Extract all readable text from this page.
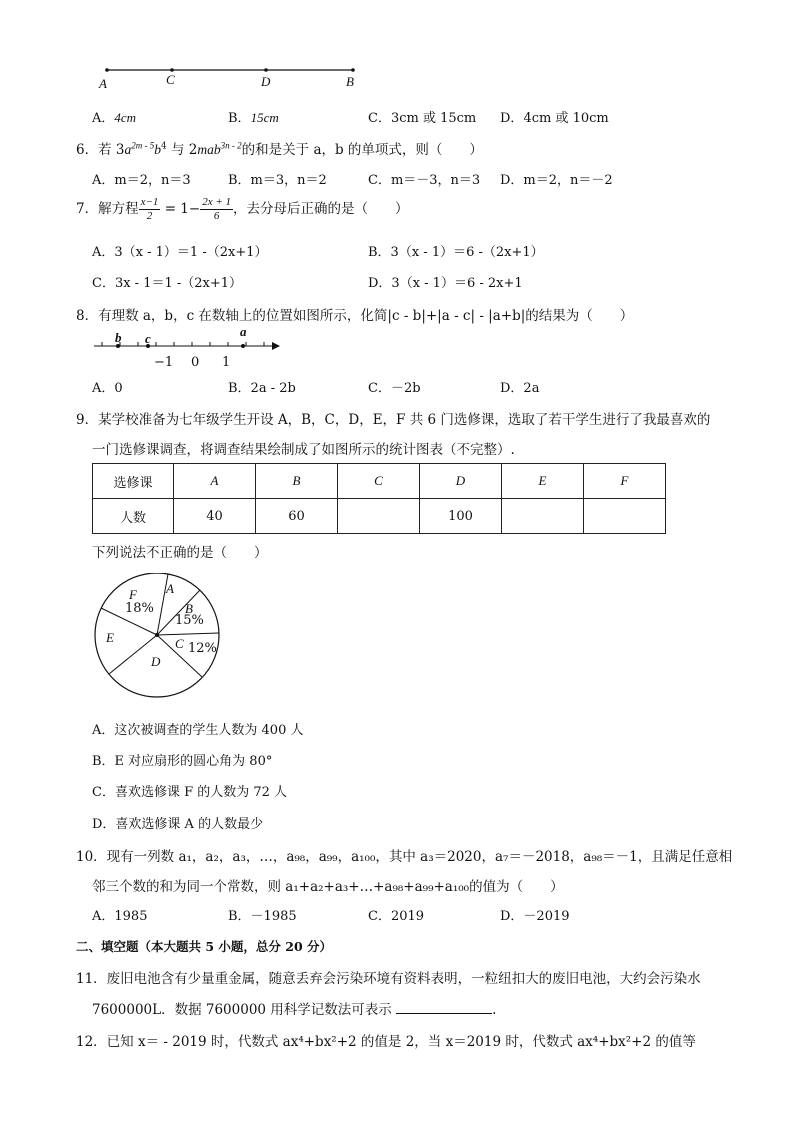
A	C	D	B
A．4cm	B．15cm	C．3cm 或 15cm D．4cm 或 10cm
6．若 $3a^{2m - 5}b^4$ 与 2mab$^{3n - 2}$的和是关于 a，b 的单项式，则（　　）
A．m＝2，n＝3	B．m＝3，n＝2	C．m＝－3，n＝3 D．m＝2，n＝－2
7．解方程 $\frac{x-1}{2} = 1- \frac{2x + 1}{6}$ ，去分母后正确的是（　　）
A．3（x - 1）＝1 -（2x+1）	B．3（x - 1）＝6 -（2x+1）
C．3x - 1＝1 -（2x+1）	D．3（x - 1）＝6 - 2x+1
8．有理数 a，b，c 在数轴上的位置如图所示，化简|c - b|+|a - c| - |a+b|的结果为（　　）
b c	a
−1 0 1
A．0	B．2a - 2b	C．－2b	D．2a
9．某学校准备为七年级学生开设 A，B，C，D，E，F 共 6 门选修课，选取了若干学生进行了我最喜欢的
一门选修课调查，将调查结果绘制成了如图所示的统计图表（不完整）.
选修课	A	B	C	D	E	F
人数	40	60		100		
下列说法不正确的是（　　）
A
B
15%
C 12%
D
E
F
18%
A．这次被调查的学生人数为 400 人
B．E 对应扇形的圆心角为 80°
C．喜欢选修课 F 的人数为 72 人
D．喜欢选修课 A 的人数最少
10．现有一列数 a₁，a₂，a₃，…，a₉₈，a₉₉，a₁₀₀，其中 a₃＝2020，a₇＝－2018，a₉₈＝－1，且满足任意相
邻三个数的和为同一个常数，则 a₁+a₂+a₃+…+a₉₈+a₉₉+a₁₀₀的值为（　　）
A．1985	B．－1985	C．2019	D．－2019
二、填空题（本大题共 5 小题，总分 20 分）
11．废旧电池含有少量重金属，随意丢弃会污染环境有资料表明，一粒纽扣大的废旧电池，大约会污染水
7600000L．数据 7600000 用科学记数法可表示	.
12．已知 x＝ - 2019 时，代数式 ax⁴+bx²+2 的值是 2，当 x＝2019 时，代数式 ax⁴+bx²+2 的值等
